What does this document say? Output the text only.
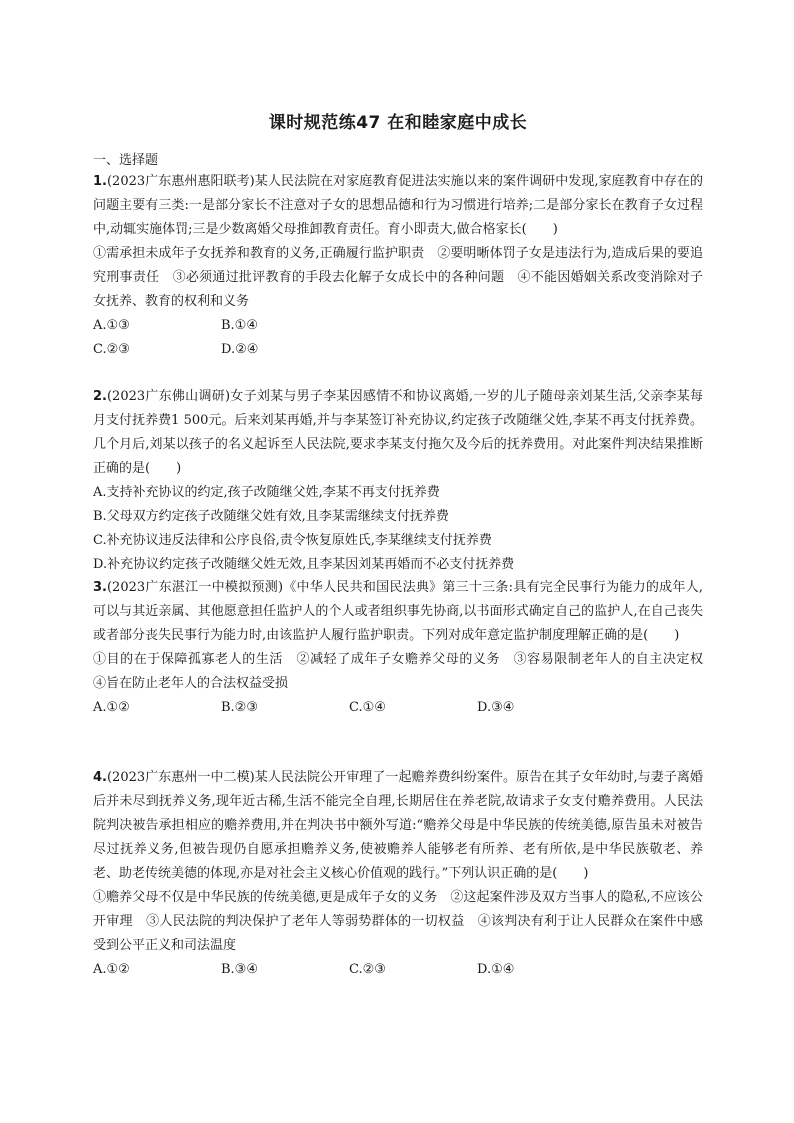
课时规范练47 在和睦家庭中成长
一、选择题

1.(2023广东惠州惠阳联考)某人民法院在对家庭教育促进法实施以来的案件调研中发现,家庭教育中存在的问题主要有三类:一是部分家长不注意对子女的思想品德和行为习惯进行培养;二是部分家长在教育子女过程中,动辄实施体罚;三是少数离婚父母推卸教育责任。育小即责大,做合格家长(　　)

①需承担未成年子女抚养和教育的义务,正确履行监护职责　②要明晰体罚子女是违法行为,造成后果的要追究刑事责任　③必须通过批评教育的手段去化解子女成长中的各种问题　④不能因婚姻关系改变消除对子女抚养、教育的权利和义务

A.①③	B.①④
C.②③	D.②④

2.(2023广东佛山调研)女子刘某与男子李某因感情不和协议离婚,一岁的儿子随母亲刘某生活,父亲李某每月支付抚养费1 500元。后来刘某再婚,并与李某签订补充协议,约定孩子改随继父姓,李某不再支付抚养费。几个月后,刘某以孩子的名义起诉至人民法院,要求李某支付拖欠及今后的抚养费用。对此案件判决结果推断正确的是(　　)

A.支持补充协议的约定,孩子改随继父姓,李某不再支付抚养费
B.父母双方约定孩子改随继父姓有效,且李某需继续支付抚养费
C.补充协议违反法律和公序良俗,责令恢复原姓氏,李某继续支付抚养费
D.补充协议约定孩子改随继父姓无效,且李某因刘某再婚而不必支付抚养费

3.(2023广东湛江一中模拟预测)《中华人民共和国民法典》第三十三条:具有完全民事行为能力的成年人,可以与其近亲属、其他愿意担任监护人的个人或者组织事先协商,以书面形式确定自己的监护人,在自己丧失或者部分丧失民事行为能力时,由该监护人履行监护职责。下列对成年意定监护制度理解正确的是(　　)

①目的在于保障孤寡老人的生活　②减轻了成年子女赡养父母的义务　③容易限制老年人的自主决定权　④旨在防止老年人的合法权益受损

A.①②	B.②③	C.①④	D.③④

4.(2023广东惠州一中二模)某人民法院公开审理了一起赡养费纠纷案件。原告在其子女年幼时,与妻子离婚后并未尽到抚养义务,现年近古稀,生活不能完全自理,长期居住在养老院,故请求子女支付赡养费用。人民法院判决被告承担相应的赡养费用,并在判决书中额外写道:“赡养父母是中华民族的传统美德,原告虽未对被告尽过抚养义务,但被告现仍自愿承担赡养义务,使被赡养人能够老有所养、老有所依,是中华民族敬老、养老、助老传统美德的体现,亦是对社会主义核心价值观的践行。”下列认识正确的是(　　)

①赡养父母不仅是中华民族的传统美德,更是成年子女的义务　②这起案件涉及双方当事人的隐私,不应该公开审理　③人民法院的判决保护了老年人等弱势群体的一切权益　④该判决有利于让人民群众在案件中感受到公平正义和司法温度

A.①②	B.③④	C.②③	D.①④
